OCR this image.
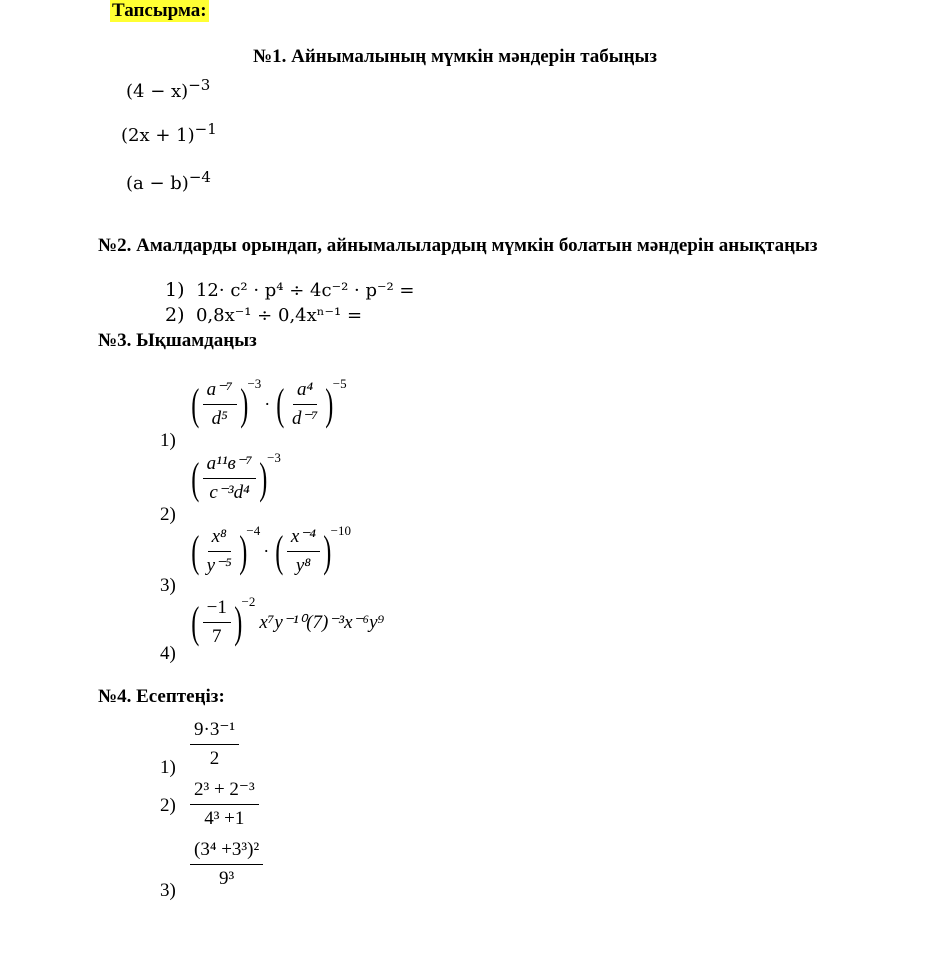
Тапсырма:
№1. Айнымалының мүмкін мәндерін табыңыз
$(4 - x)^{-3}$
$(2x + 1)^{-1}$
$(a - b)^{-4}$
№2. Амалдарды орындап, айнымалылардың мүмкін болатын мәндерін анықтаңыз
1) 12· c² · p⁴ ÷ 4c⁻² · p⁻² =
2) 0,8x⁻¹ ÷ 0,4xⁿ⁻¹ =
№3. Ықшамдаңыз
1)
( $\frac{\text{a⁻⁷}}{\text{d⁵}}$ ) −3
· ( $\frac{\text{a⁴}}{\text{d⁻⁷}}$ ) −5
2)
( $\frac{\text{a¹¹в⁻⁷}}{\text{c⁻³d⁴}}$ ) −3
3)
( $\frac{\text{x⁸}}{\text{y⁻⁵}}$ ) −4
· ( $\frac{\text{x⁻⁴}}{\text{y⁸}}$ ) −10
4)
( $\frac{-1}{7}$ ) −2
x⁷y⁻¹⁰(7)⁻³x⁻⁶y⁹
№4. Есептеңіз:
$1) \frac{\text{9·3⁻¹}}{2}$
$2) \frac{\text{2³ + 2⁻³}}{\text{4³ +1}}$
$3) \frac{\text{(3⁴ +3³)²}}{\text{9³}}$
